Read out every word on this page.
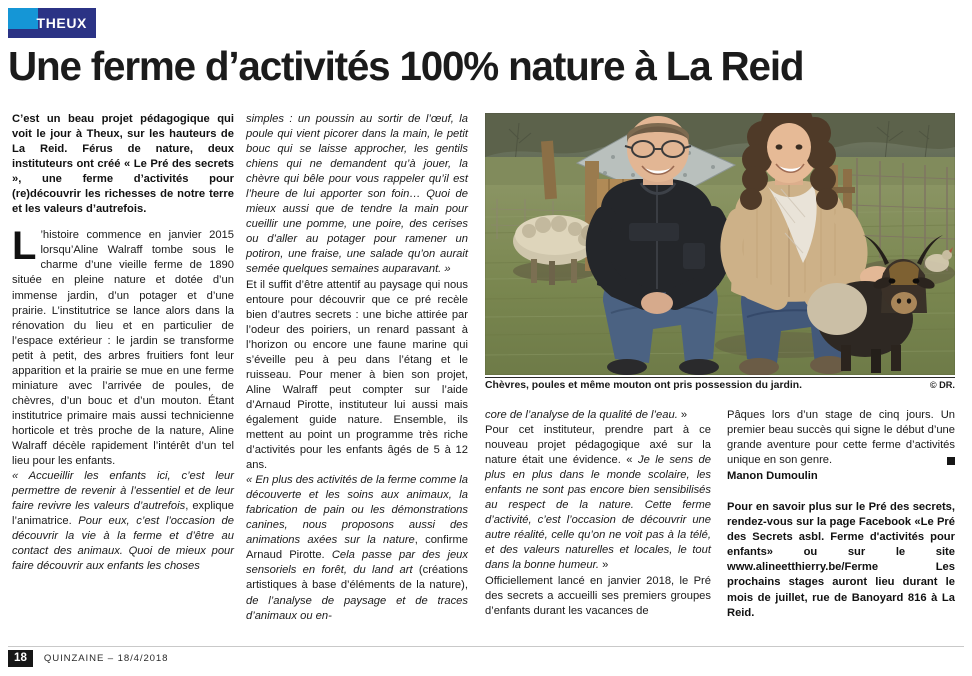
THEUX
Une ferme d’activités 100% nature à La Reid

C’est un beau projet pédagogique qui voit le jour à Theux, sur les hauteurs de La Reid. Férus de nature, deux instituteurs ont créé « Le Pré des secrets », une ferme d’activités pour (re)découvrir les richesses de notre terre et les valeurs d’autrefois.

L ’histoire commence en janvier 2015 lorsqu’Aline Walraff tombe sous le charme d’une vieille ferme de 1890 située en pleine nature et dotée d’un immense jardin, d’un potager et d’une prairie. L’institutrice se lance alors dans la rénovation du lieu et en particulier de l’espace extérieur : le jardin se transforme petit à petit, des arbres fruitiers font leur apparition et la prairie se mue en une ferme miniature avec l’arrivée de poules, de chèvres, d’un bouc et d’un mouton. Étant institutrice primaire mais aussi technicienne horticole et très proche de la nature, Aline Walraff décèle rapidement l’intérêt d’un tel lieu pour les enfants.

« Accueillir les enfants ici, c’est leur permettre de revenir à l’essentiel et de leur faire revivre les valeurs d’autrefois, explique l’animatrice. Pour eux, c’est l’occasion de découvrir la vie à la ferme et d’être au contact des animaux. Quoi de mieux pour faire découvrir aux enfants les choses

simples : un poussin au sortir de l’œuf, la poule qui vient picorer dans la main, le petit bouc qui se laisse approcher, les gentils chiens qui ne demandent qu’à jouer, la chèvre qui bêle pour vous rappeler qu’il est l’heure de lui apporter son foin… Quoi de mieux aussi que de tendre la main pour cueillir une pomme, une poire, des cerises ou d’aller au potager pour ramener un potiron, une fraise, une salade qu’on aurait semée quelques semaines auparavant. »

Et il suffit d’être attentif au paysage qui nous entoure pour découvrir que ce pré recèle bien d’autres secrets : une biche attirée par l’odeur des poiriers, un renard passant à l’horizon ou encore une faune marine qui s’éveille peu à peu dans l’étang et le ruisseau. Pour mener à bien son projet, Aline Walraff peut compter sur l’aide d’Arnaud Pirotte, instituteur lui aussi mais également guide nature. Ensemble, ils mettent au point un programme très riche d’activités pour les enfants âgés de 5 à 12 ans.

« En plus des activités de la ferme comme la découverte et les soins aux animaux, la fabrication de pain ou les démonstrations canines, nous proposons aussi des animations axées sur la nature, confirme Arnaud Pirotte. Cela passe par des jeux sensoriels en forêt, du land art (créations artistiques à base d’éléments de la nature), de l’analyse de paysage et de traces d’animaux ou en-

Chèvres, poules et même mouton ont pris possession du jardin.	© DR.

core de l’analyse de la qualité de l’eau. »

Pour cet instituteur, prendre part à ce nouveau projet pédagogique axé sur la nature était une évidence. « Je le sens de plus en plus dans le monde scolaire, les enfants ne sont pas encore bien sensibilisés au respect de la nature. Cette ferme d’activité, c’est l’occasion de découvrir une autre réalité, celle qu’on ne voit pas à la télé, et des valeurs naturelles et locales, le tout dans la bonne humeur. »

Officiellement lancé en janvier 2018, le Pré des secrets a accueilli ses premiers groupes d’enfants durant les vacances de

Pâques lors d’un stage de cinq jours. Un premier beau succès qui signe le début d’une grande aventure pour cette ferme d’activités unique en son genre.

Manon Dumoulin

Pour en savoir plus sur le Pré des secrets, rendez-vous sur la page Facebook «Le Pré des Secrets asbl. Ferme d'activités pour enfants» ou sur le site www.alineetthierry.be/Ferme Les prochains stages auront lieu durant le mois de juillet, rue de Banoyard 816 à La Reid.

18	QUINZAINE – 18/4/2018
